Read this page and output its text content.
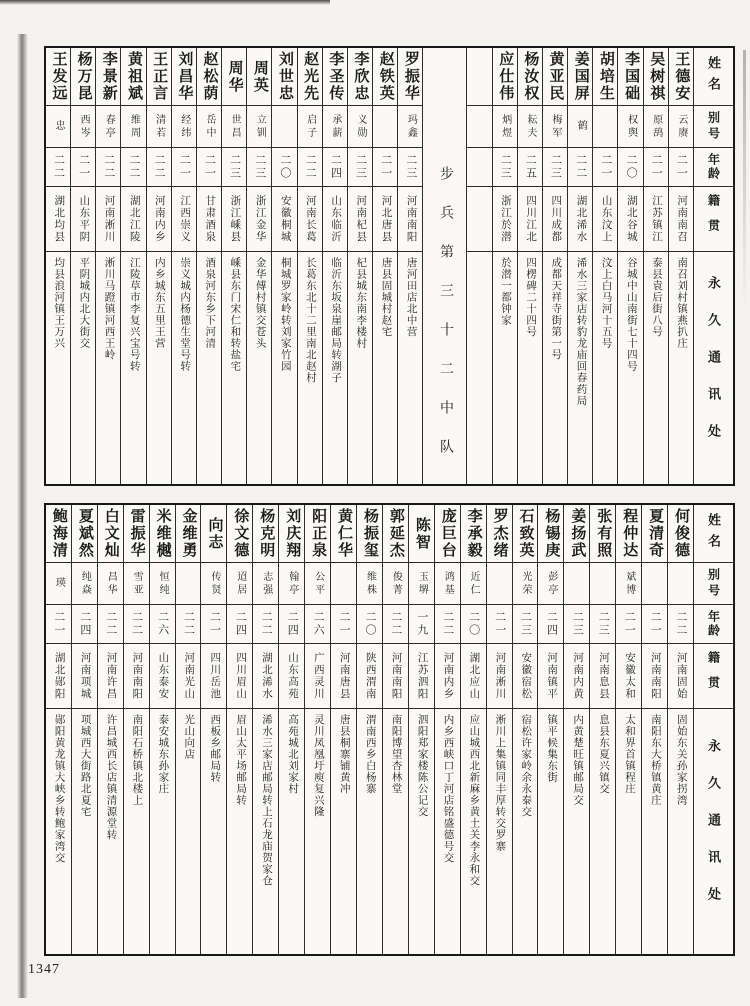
姓名
别号
年龄
籍贯
永久通讯处
王德安
云赓
二一
河南南召
南召刘村镇燕扒庄
吴树祺
原鸹
二一
江苏镇江
泰县袁后街八号
李国础
权舆
二〇
湖北谷城
谷城中山南街七十四号
胡培生
二一
山东汶上
汶上白马河十五号
姜国屏
鹤
二二
湖北浠水
浠水三家店转豹龙庙回春药局
黄亚民
梅军
二三
四川成都
成都天祥寺街第一号
杨汝权
耘夫
二五
四川江北
四楞碑二十四号
应仕伟
炳煜
二三
浙江於潜
於潜一都钟家
步兵第三十二中队
罗振华
玛鑫
二三
河南南阳
唐河田店北中营
赵铁英
二一
河北唐县
唐县固城村赵宅
李欣忠
义勋
二三
河南杞县
杞县城东南李楼村
李圣传
承薪
二四
山东临沂
临沂东坂泉崖邮局转湖子
赵光先
启子
二二
河南长葛
长葛东北十二里南北赵村
刘世忠
二〇
安徽桐城
桐城罗家岭转刘家竹园
周英
立钏
二三
浙江金华
金华傅村镇交苍头
周华
世昌
二三
浙江嵊县
嵊县东门宋仁和转盐宅
赵松荫
岳中
二一
甘肃酒泉
酒泉河东乡下河清
刘昌华
经纬
二一
江西崇义
崇义城内杨德生堂号转
王正言
清若
二二
河南内乡
内乡城东五里王营
黄祖斌
维周
二二
湖北江陵
江陵草市李复兴宝号转
李景新
春亭
二二
河南淅川
淅川马蹬镇河西王岭
杨万昆
西岑
二一
山东平阴
平阴城内北大街交
王发远
忠
二二
湖北均县
均县浪河镇王万兴
姓名
别号
年龄
籍贯
永久通讯处
何俊德
二二
河南固始
固始东关孙家拐湾
夏清奇
二一
河南南阳
南阳东大桥镇黄庄
程仲达
斌博
二一
安徽太和
太和界首镇程庄
张有照
二三
河南息县
息县东夏兴镇交
姜扬武
二三
河南内黄
内黄楚旺镇邮局交
杨锡庚
彭亭
二四
河南镇平
镇平候集东街
石致英
光荣
二三
安徽宿松
宿松许家岭余永泰交
罗杰绪
二一
河南淅川
淅川上集镇同丰厚转交罗寨
李承毅
近仁
二〇
湖北应山
应山城西北新麻乡黄土关李永和交
庞巨台
鸿基
二二
河南内乡
内乡西峡口丁河店铭盛德号交
陈智
玉堺
一九
江苏泗阳
泗阳郑家楼陈公记交
郭延杰
俊菁
二二
河南南阳
南阳博望杏林堂
杨振玺
维株
二〇
陕西渭南
渭南西乡白杨寨
黄仁华
二一
河南唐县
唐县桐寨铺黄冲
阳正泉
公平
二六
广西灵川
灵川凤凰圩庾复兴隆
刘庆翔
翰亭
二四
山东高苑
高苑城北刘家村
杨克明
志强
二二
湖北浠水
浠水三家店邮局转上石龙庙贺家仓
徐文德
迢居
二四
四川眉山
眉山太平场邮局转
向志
传贤
二一
四川岳池
西板乡邮局转
金维勇
二二
河南光山
光山向店
米维樾
恒纯
二六
山东泰安
泰安城东孙家庄
雷振华
雪亚
二二
河南南阳
南阳石桥镇北楼上
白文灿
昌华
二二
河南许昌
许昌城西长店镇清源堂转
夏斌然
纯焱
二四
河南项城
项城西大街路北夏宅
鲍海清
瑛
二一
湖北郧阳
郧阳黄龙镇大峡乡转鲍家湾交
1347
